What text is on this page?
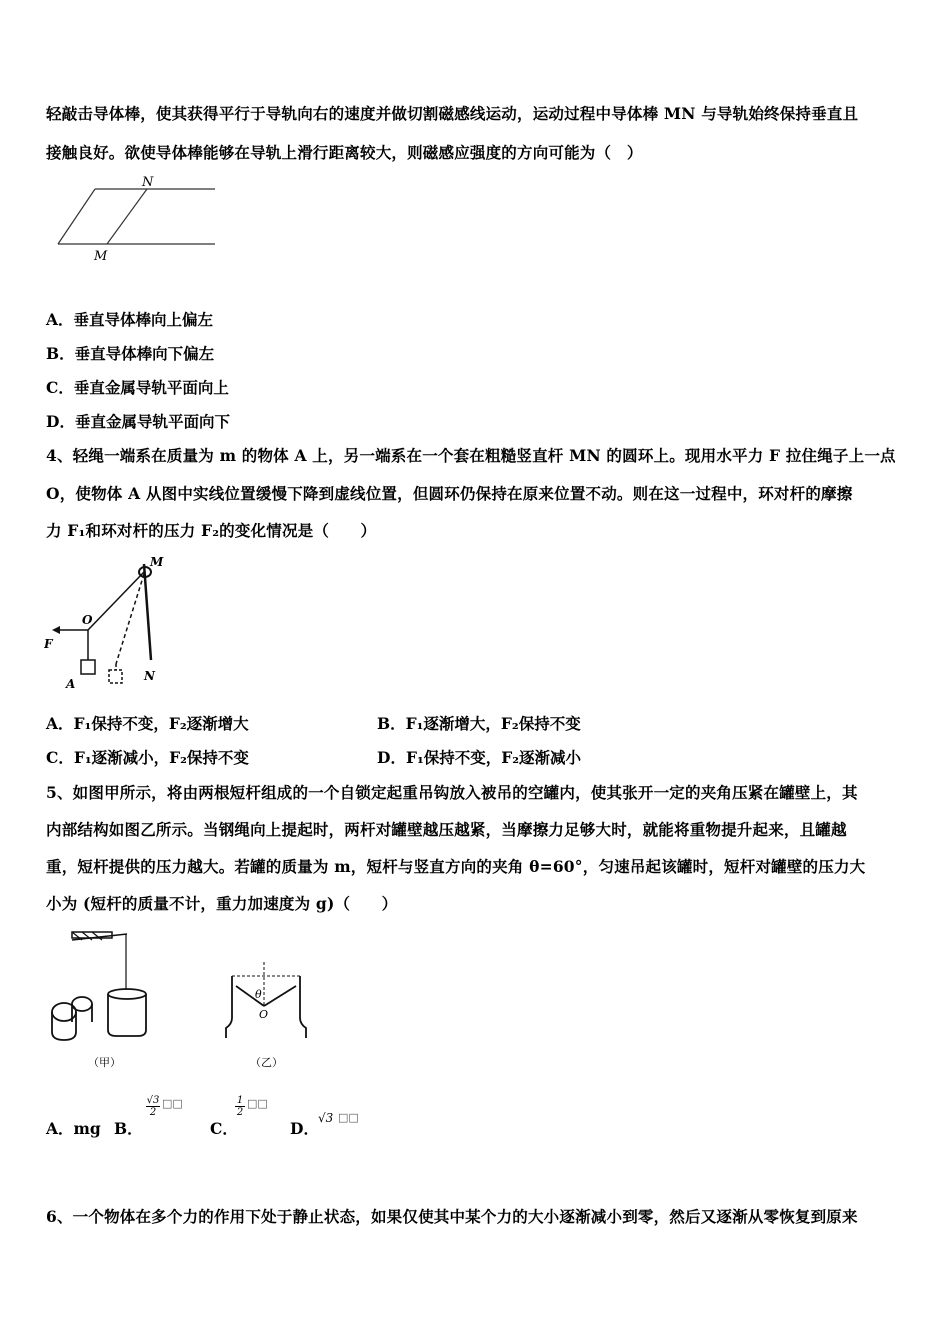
轻敲击导体棒，使其获得平行于导轨向右的速度并做切割磁感线运动，运动过程中导体棒 MN 与导轨始终保持垂直且
接触良好。欲使导体棒能够在导轨上滑行距离较大，则磁感应强度的方向可能为（　）
N
M
A．垂直导体棒向上偏左
B．垂直导体棒向下偏左
C．垂直金属导轨平面向上
D．垂直金属导轨平面向下
4、轻绳一端系在质量为 m 的物体 A 上，另一端系在一个套在粗糙竖直杆 MN 的圆环上。现用水平力 F 拉住绳子上一点
O，使物体 A 从图中实线位置缓慢下降到虚线位置，但圆环仍保持在原来位置不动。则在这一过程中，环对杆的摩擦
力 F₁和环对杆的压力 F₂的变化情况是（　　）
M
O
F
A
N
A．F₁保持不变，F₂逐渐增大	B．F₁逐渐增大，F₂保持不变
C．F₁逐渐减小，F₂保持不变	D．F₁保持不变，F₂逐渐减小
5、如图甲所示，将由两根短杆组成的一个自锁定起重吊钩放入被吊的空罐内，使其张开一定的夹角压紧在罐壁上，其
内部结构如图乙所示。当钢绳向上提起时，两杆对罐壁越压越紧，当摩擦力足够大时，就能将重物提升起来，且罐越
重，短杆提供的压力越大。若罐的质量为 m，短杆与竖直方向的夹角 θ=60°，匀速吊起该罐时，短杆对罐壁的压力大
小为 (短杆的质量不计，重力加速度为 g)（　　）
（甲）
θ
O
（乙）
A．mg B．
$\frac{√3}{2}$ □□
C．
$\frac{1}{2}$ □□
D．
√3 □□
6、一个物体在多个力的作用下处于静止状态，如果仅使其中某个力的大小逐渐减小到零，然后又逐渐从零恢复到原来
